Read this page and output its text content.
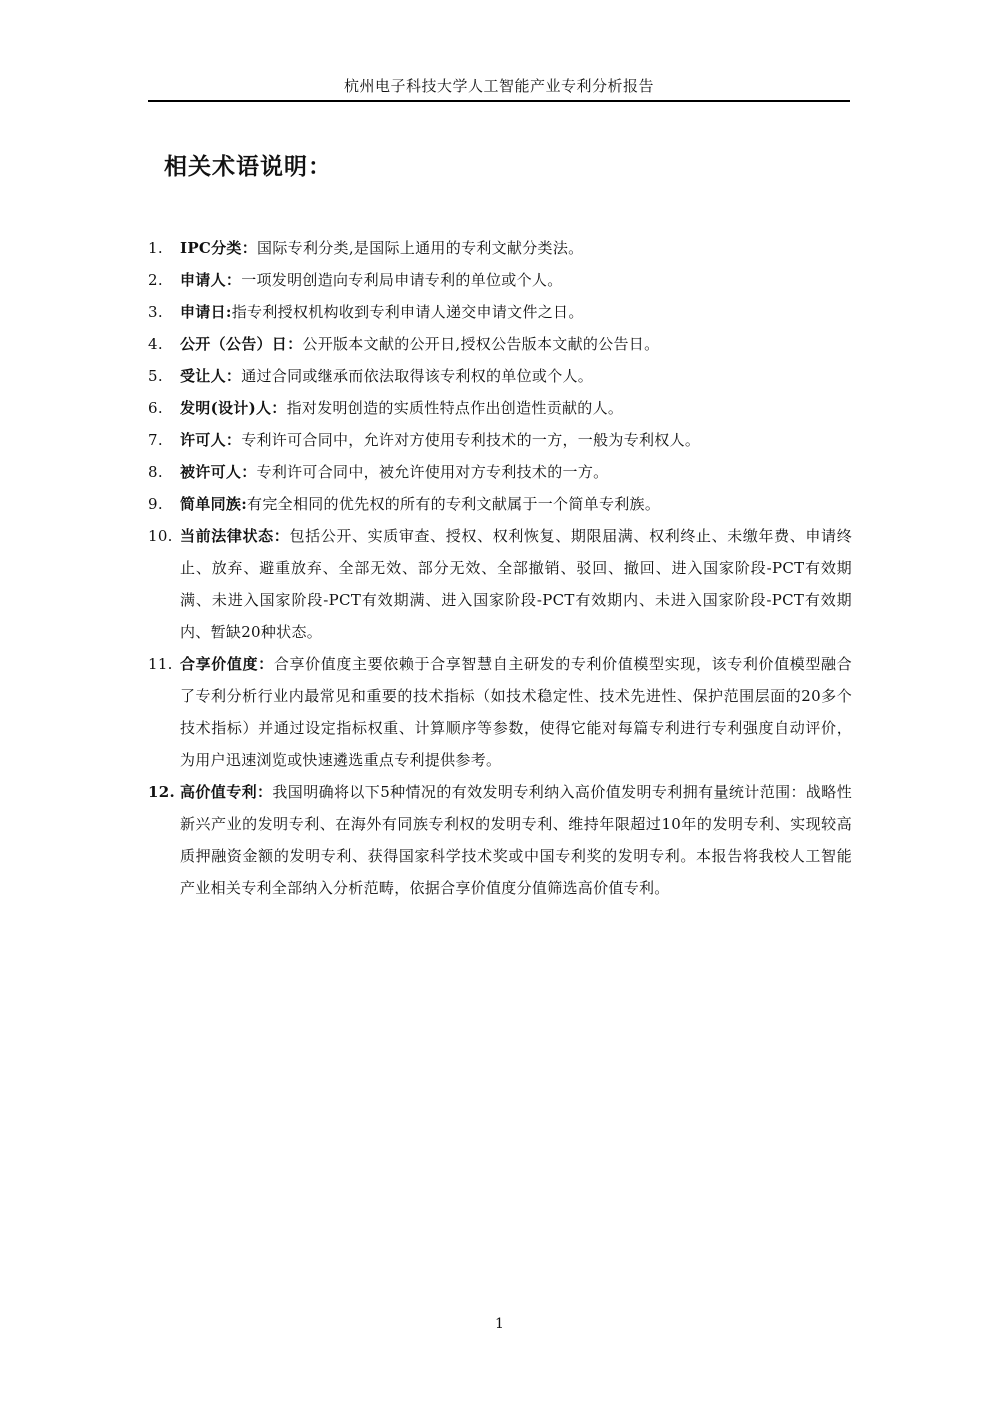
杭州电子科技大学人工智能产业专利分析报告
相关术语说明：
1. IPC分类：国际专利分类,是国际上通用的专利文献分类法。
2. 申请人：一项发明创造向专利局申请专利的单位或个人。
3. 申请日:指专利授权机构收到专利申请人递交申请文件之日。
4. 公开（公告）日：公开版本文献的公开日,授权公告版本文献的公告日。
5. 受让人：通过合同或继承而依法取得该专利权的单位或个人。
6. 发明(设计)人：指对发明创造的实质性特点作出创造性贡献的人。
7. 许可人：专利许可合同中，允许对方使用专利技术的一方，一般为专利权人。
8. 被许可人：专利许可合同中，被允许使用对方专利技术的一方。
9. 简单同族:有完全相同的优先权的所有的专利文献属于一个简单专利族。
10. 当前法律状态：包括公开、实质审查、授权、权利恢复、期限届满、权利终止、未缴年费、申请终止、放弃、避重放弃、全部无效、部分无效、全部撤销、驳回、撤回、进入国家阶段-PCT有效期满、未进入国家阶段-PCT有效期满、进入国家阶段-PCT有效期内、未进入国家阶段-PCT有效期内、暂缺20种状态。
11. 合享价值度：合享价值度主要依赖于合享智慧自主研发的专利价值模型实现，该专利价值模型融合了专利分析行业内最常见和重要的技术指标（如技术稳定性、技术先进性、保护范围层面的20多个技术指标）并通过设定指标权重、计算顺序等参数，使得它能对每篇专利进行专利强度自动评价，为用户迅速浏览或快速遴选重点专利提供参考。
12. 高价值专利：我国明确将以下5种情况的有效发明专利纳入高价值发明专利拥有量统计范围：战略性新兴产业的发明专利、在海外有同族专利权的发明专利、维持年限超过10年的发明专利、实现较高质押融资金额的发明专利、获得国家科学技术奖或中国专利奖的发明专利。本报告将我校人工智能产业相关专利全部纳入分析范畴，依据合享价值度分值筛选高价值专利。
1
